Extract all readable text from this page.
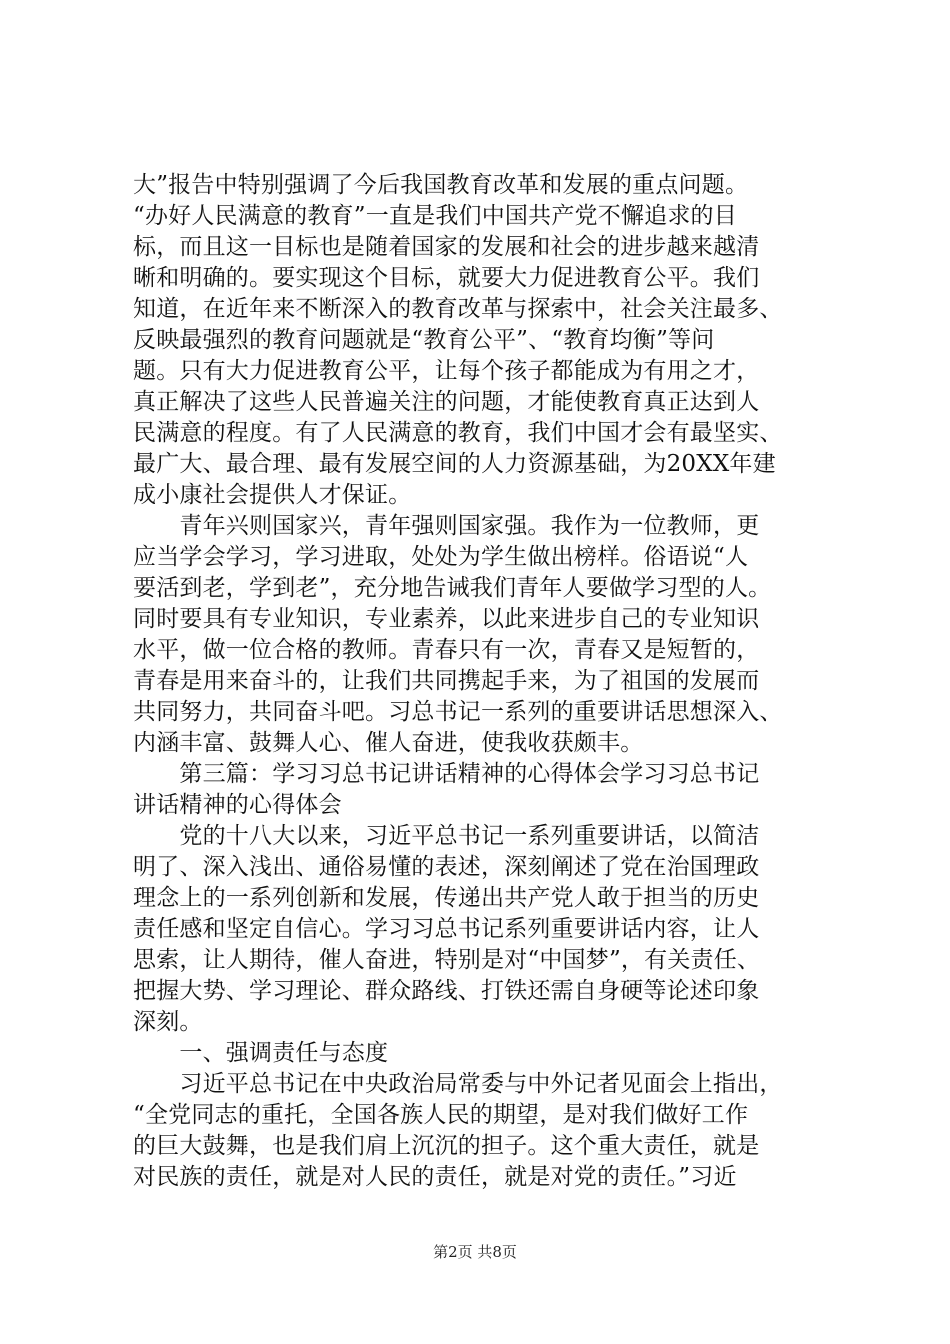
大”报告中特别强调了今后我国教育改革和发展的重点问题。
“办好人民满意的教育”一直是我们中国共产党不懈追求的目
标，而且这一目标也是随着国家的发展和社会的进步越来越清
晰和明确的。要实现这个目标，就要大力促进教育公平。我们
知道，在近年来不断深入的教育改革与探索中，社会关注最多、
反映最强烈的教育问题就是“教育公平”、“教育均衡”等问
题。只有大力促进教育公平，让每个孩子都能成为有用之才，
真正解决了这些人民普遍关注的问题，才能使教育真正达到人
民满意的程度。有了人民满意的教育，我们中国才会有最坚实、
最广大、最合理、最有发展空间的人力资源基础，为20XX年建
成小康社会提供人才保证。
　　青年兴则国家兴，青年强则国家强。我作为一位教师，更
应当学会学习，学习进取，处处为学生做出榜样。俗语说“人
要活到老，学到老”，充分地告诫我们青年人要做学习型的人。
同时要具有专业知识，专业素养，以此来进步自己的专业知识
水平，做一位合格的教师。青春只有一次，青春又是短暂的，
青春是用来奋斗的，让我们共同携起手来，为了祖国的发展而
共同努力，共同奋斗吧。习总书记一系列的重要讲话思想深入、
内涵丰富、鼓舞人心、催人奋进，使我收获颇丰。
　　第三篇：学习习总书记讲话精神的心得体会学习习总书记
讲话精神的心得体会
　　党的十八大以来，习近平总书记一系列重要讲话，以简洁
明了、深入浅出、通俗易懂的表述，深刻阐述了党在治国理政
理念上的一系列创新和发展，传递出共产党人敢于担当的历史
责任感和坚定自信心。学习习总书记系列重要讲话内容，让人
思索，让人期待，催人奋进，特别是对“中国梦”，有关责任、
把握大势、学习理论、群众路线、打铁还需自身硬等论述印象
深刻。
　　一、强调责任与态度
　　习近平总书记在中央政治局常委与中外记者见面会上指出，
“全党同志的重托，全国各族人民的期望，是对我们做好工作
的巨大鼓舞，也是我们肩上沉沉的担子。这个重大责任，就是
对民族的责任，就是对人民的责任，就是对党的责任。”习近
第2页 共8页
